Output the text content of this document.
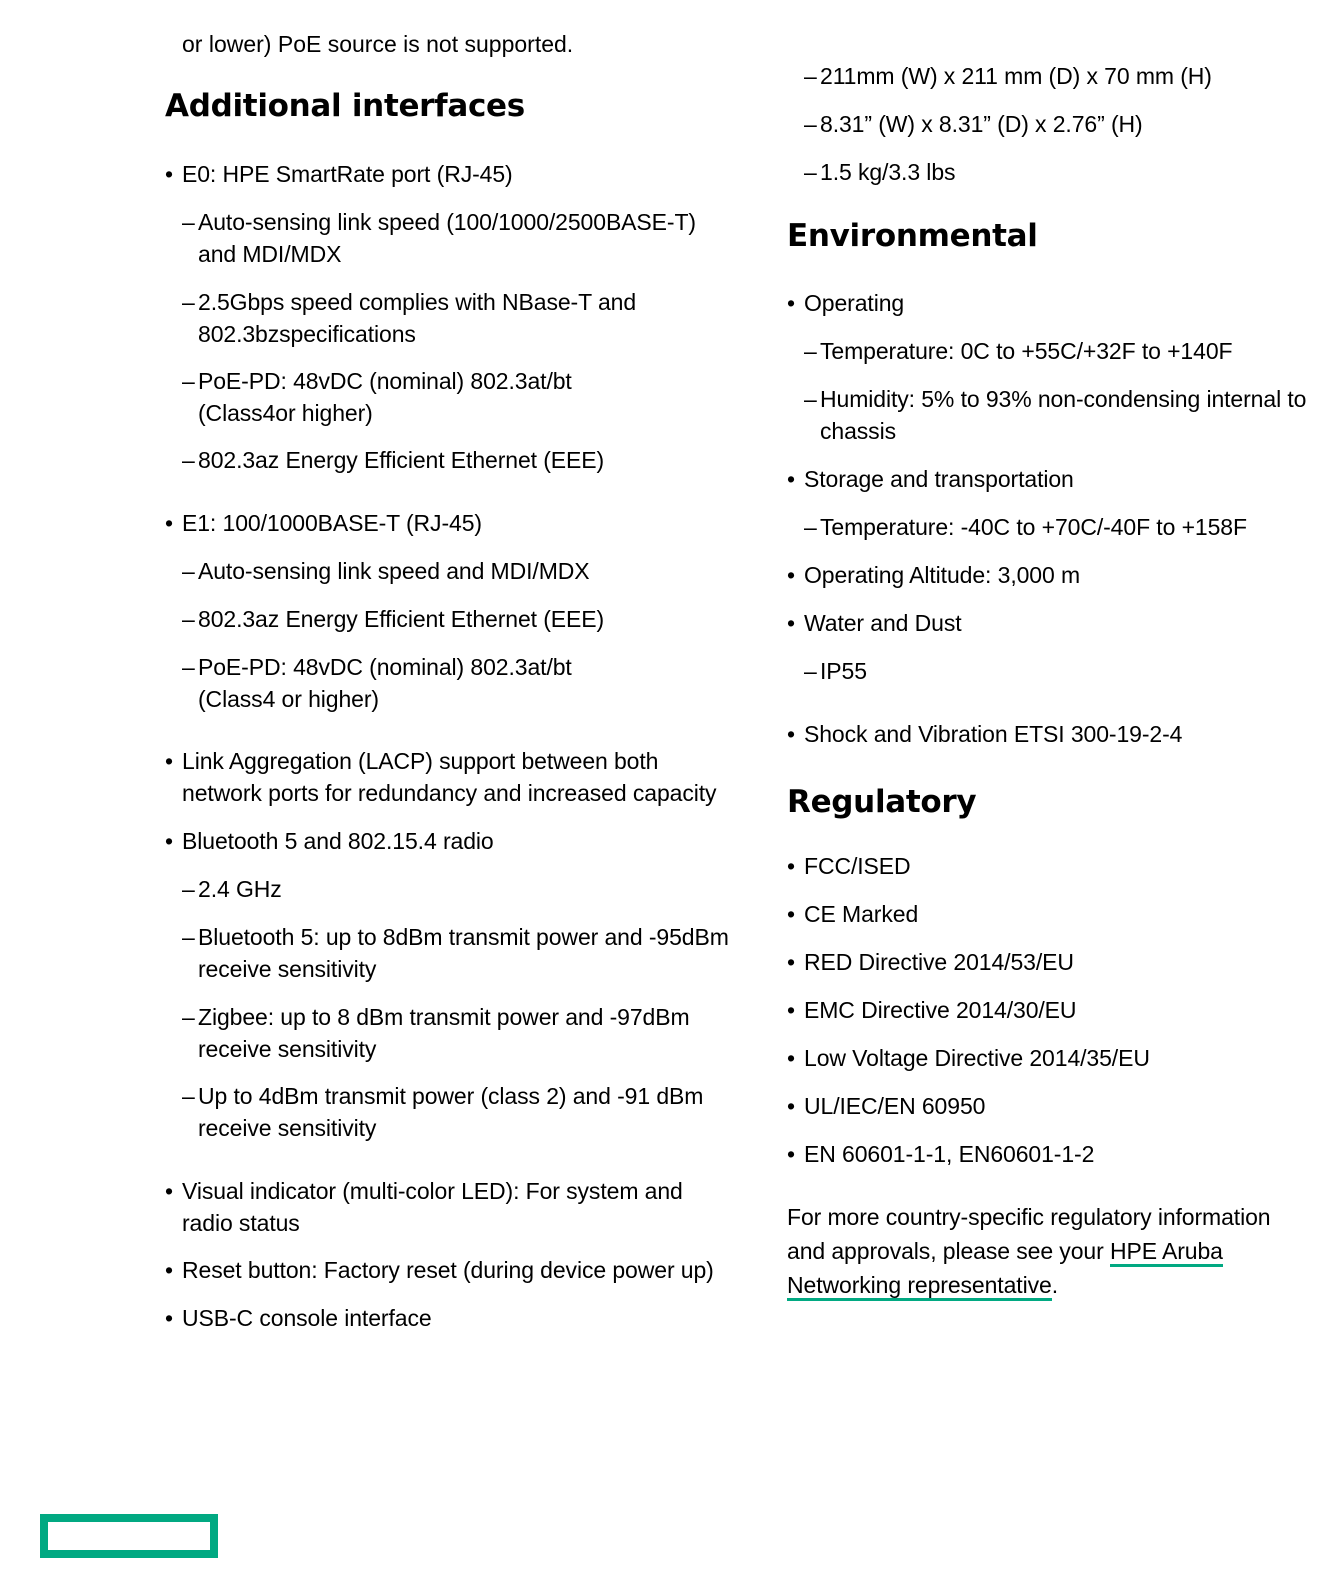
or lower) PoE source is not supported.
Additional interfaces
• E0: HPE SmartRate port (RJ-45)
– Auto-sensing link speed (100/1000/2500BASE-T) and MDI/MDX
– 2.5Gbps speed complies with NBase-T and 802.3bzspecifications
– PoE-PD: 48vDC (nominal) 802.3at/bt (Class4or higher)
– 802.3az Energy Efficient Ethernet (EEE)
• E1: 100/1000BASE-T (RJ-45)
– Auto-sensing link speed and MDI/MDX
– 802.3az Energy Efficient Ethernet (EEE)
– PoE-PD: 48vDC (nominal) 802.3at/bt (Class4 or higher)
• Link Aggregation (LACP) support between both network ports for redundancy and increased capacity
• Bluetooth 5 and 802.15.4 radio
– 2.4 GHz
– Bluetooth 5: up to 8dBm transmit power and -95dBm receive sensitivity
– Zigbee: up to 8 dBm transmit power and -97dBm receive sensitivity
– Up to 4dBm transmit power (class 2) and -91 dBm receive sensitivity
• Visual indicator (multi-color LED): For system and radio status
• Reset button: Factory reset (during device power up)
• USB-C console interface
– 211mm (W) x 211 mm (D) x 70 mm (H)
– 8.31” (W) x 8.31” (D) x 2.76” (H)
– 1.5 kg/3.3 lbs
Environmental
• Operating
– Temperature: 0C to +55C/+32F to +140F
– Humidity: 5% to 93% non-condensing internal to chassis
• Storage and transportation
– Temperature: -40C to +70C/-40F to +158F
• Operating Altitude: 3,000 m
• Water and Dust
– IP55
• Shock and Vibration ETSI 300-19-2-4
Regulatory
• FCC/ISED
• CE Marked
• RED Directive 2014/53/EU
• EMC Directive 2014/30/EU
• Low Voltage Directive 2014/35/EU
• UL/IEC/EN 60950
• EN 60601-1-1, EN60601-1-2
For more country-specific regulatory information and approvals, please see your HPE Aruba Networking representative.
